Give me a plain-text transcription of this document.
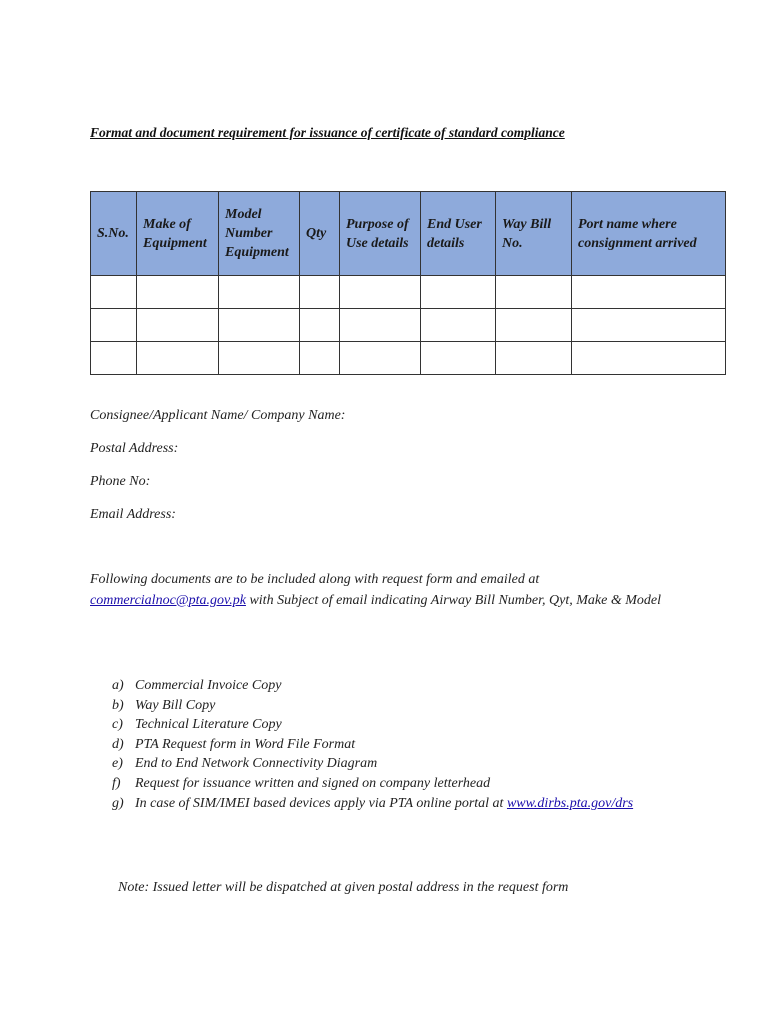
Format and document requirement for issuance of certificate of standard compliance
S.No.	Make of Equipment	Model Number Equipment	Qty	Purpose of Use details	End User details	Way Bill No.	Port name where consignment arrived

Consignee/Applicant Name/ Company Name:
Postal Address:
Phone No:
Email Address:
Following documents are to be included along with request form and emailed at commercialnoc@pta.gov.pk with Subject of email indicating Airway Bill Number, Qyt, Make & Model
a) Commercial Invoice Copy
b) Way Bill Copy
c) Technical Literature Copy
d) PTA Request form in Word File Format
e) End to End Network Connectivity Diagram
f)	Request for issuance written and signed on company letterhead
g) In case of SIM/IMEI based devices apply via PTA online portal at www.dirbs.pta.gov/drs
Note: Issued letter will be dispatched at given postal address in the request form
